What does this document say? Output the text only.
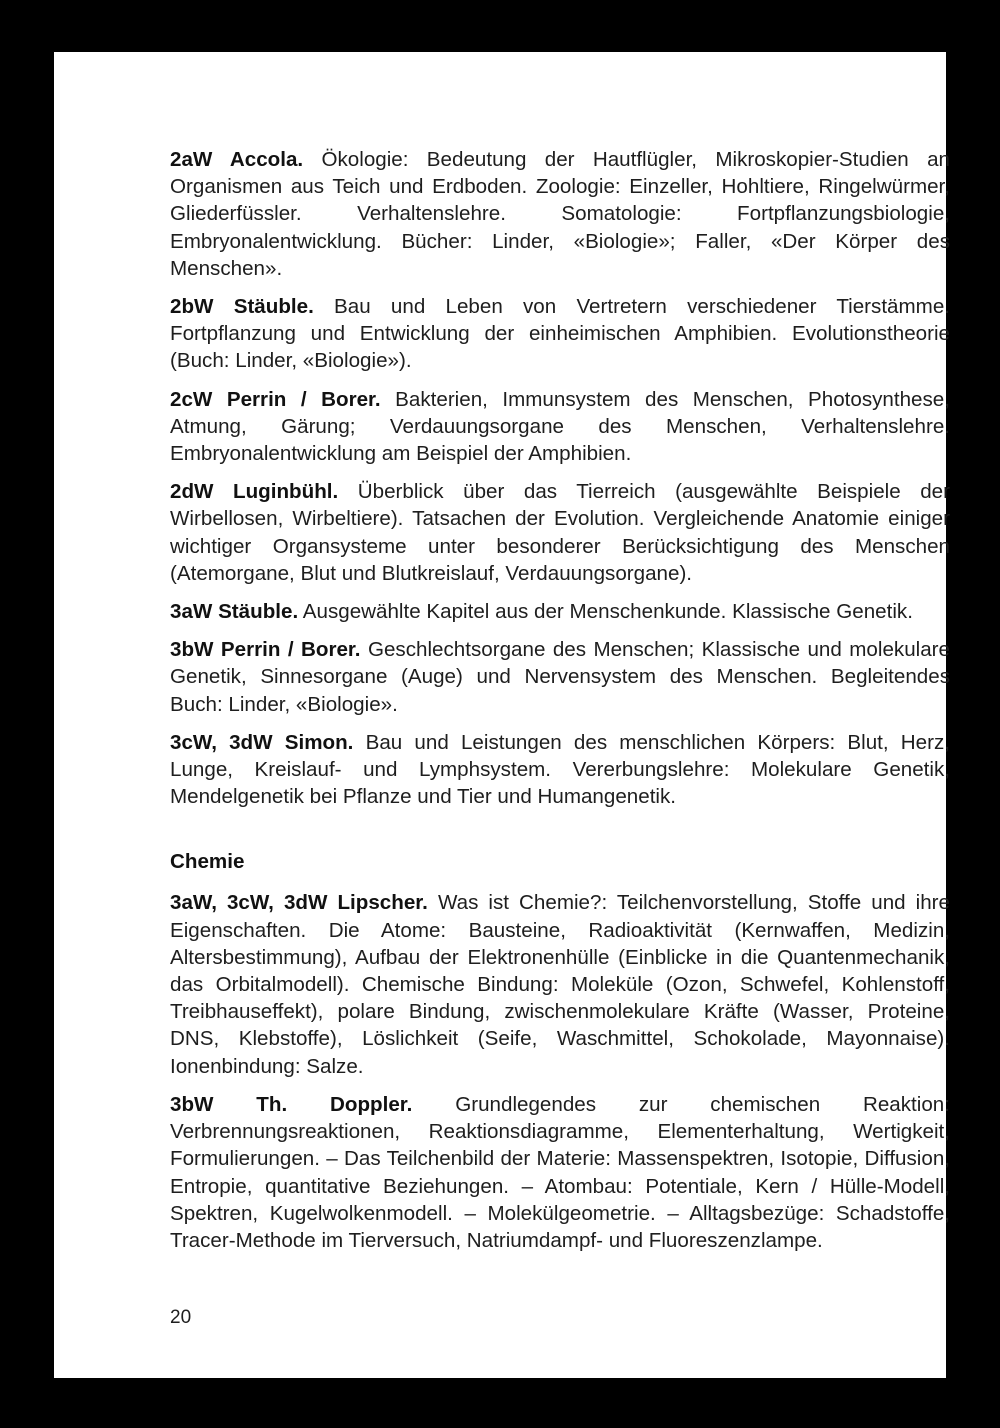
2aW Accola. Ökologie: Bedeutung der Hautflügler, Mikroskopier-Studien an Organismen aus Teich und Erdboden. Zoologie: Einzeller, Hohltiere, Ringelwürmer, Gliederfüssler. Verhaltenslehre. Somatologie: Fortpflanzungsbiologie, Embryonalentwicklung. Bücher: Linder, «Biologie»; Faller, «Der Körper des Menschen».

2bW Stäuble. Bau und Leben von Vertretern verschiedener Tierstämme. Fortpflanzung und Entwicklung der einheimischen Amphibien. Evolutionstheorie (Buch: Linder, «Biologie»).

2cW Perrin / Borer. Bakterien, Immunsystem des Menschen, Photosynthese, Atmung, Gärung; Verdauungsorgane des Menschen, Verhaltenslehre. Embryonalentwicklung am Beispiel der Amphibien.

2dW Luginbühl. Überblick über das Tierreich (ausgewählte Beispiele der Wirbellosen, Wirbeltiere). Tatsachen der Evolution. Vergleichende Anatomie einiger wichtiger Organsysteme unter besonderer Berücksichtigung des Menschen (Atemorgane, Blut und Blutkreislauf, Verdauungsorgane).

3aW Stäuble. Ausgewählte Kapitel aus der Menschenkunde. Klassische Genetik.

3bW Perrin / Borer. Geschlechtsorgane des Menschen; Klassische und molekulare Genetik, Sinnesorgane (Auge) und Nervensystem des Menschen. Begleitendes Buch: Linder, «Biologie».

3cW, 3dW Simon. Bau und Leistungen des menschlichen Körpers: Blut, Herz, Lunge, Kreislauf- und Lymphsystem. Vererbungslehre: Molekulare Genetik, Mendelgenetik bei Pflanze und Tier und Humangenetik.

Chemie

3aW, 3cW, 3dW Lipscher. Was ist Chemie?: Teilchenvorstellung, Stoffe und ihre Eigenschaften. Die Atome: Bausteine, Radioaktivität (Kernwaffen, Medizin, Altersbestimmung), Aufbau der Elektronenhülle (Einblicke in die Quantenmechanik, das Orbitalmodell). Chemische Bindung: Moleküle (Ozon, Schwefel, Kohlenstoff, Treibhauseffekt), polare Bindung, zwischenmolekulare Kräfte (Wasser, Proteine, DNS, Klebstoffe), Löslichkeit (Seife, Waschmittel, Schokolade, Mayonnaise). Ionenbindung: Salze.

3bW Th. Doppler. Grundlegendes zur chemischen Reaktion: Verbrennungsreaktionen, Reaktionsdiagramme, Elementerhaltung, Wertigkeit, Formulierungen. – Das Teilchenbild der Materie: Massenspektren, Isotopie, Diffusion, Entropie, quantitative Beziehungen. – Atombau: Potentiale, Kern / Hülle-Modell, Spektren, Kugelwolkenmodell. – Molekülgeometrie. – Alltagsbezüge: Schadstoffe, Tracer-Methode im Tierversuch, Natriumdampf- und Fluoreszenzlampe.

20
